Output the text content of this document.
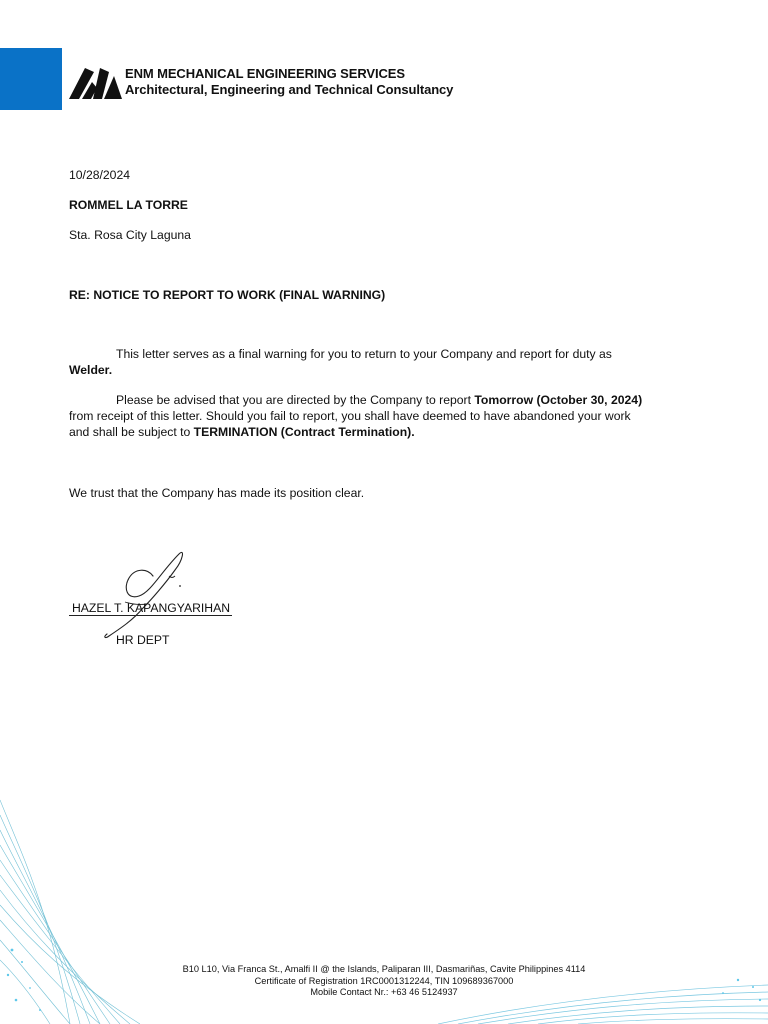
ENM MECHANICAL ENGINEERING SERVICES
Architectural, Engineering and Technical Consultancy
10/28/2024
ROMMEL LA TORRE
Sta. Rosa City Laguna
RE: NOTICE TO REPORT TO WORK (FINAL WARNING)
This letter serves as a final warning for you to return to your Company and report for duty as
Welder.
Please be advised that you are directed by the Company to report Tomorrow (October 30, 2024)
from receipt of this letter. Should you fail to report, you shall have deemed to have abandoned your work
and shall be subject to TERMINATION (Contract Termination).
We trust that the Company has made its position clear.
HAZEL T. KAPANGYARIHAN
HR DEPT
B10 L10, Via Franca St., Amalfi II @ the Islands, Paliparan III, Dasmariñas, Cavite Philippines 4114
Certificate of Registration 1RC0001312244, TIN 109689367000
Mobile Contact Nr.: +63 46 5124937
